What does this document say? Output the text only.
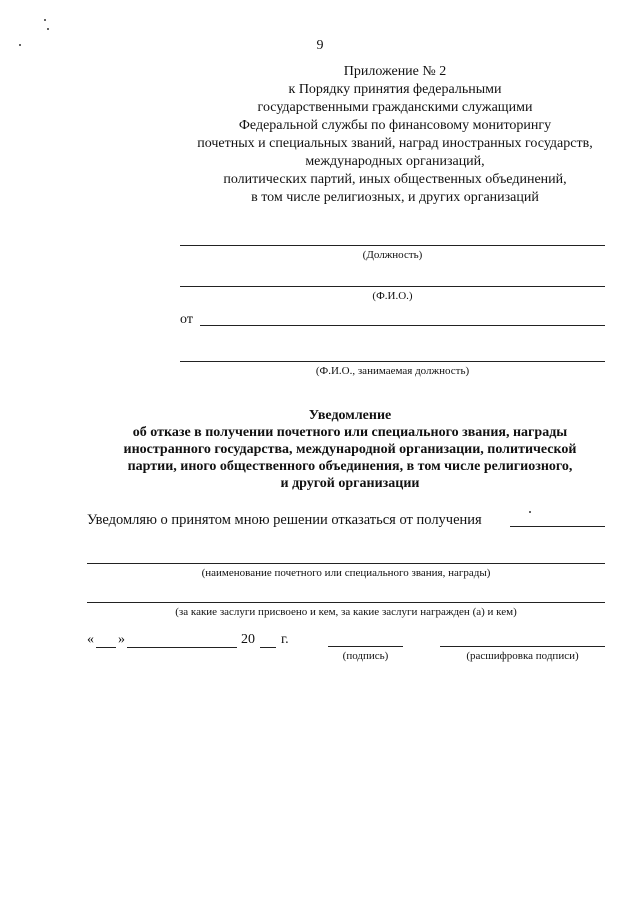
9
Приложение № 2
к Порядку принятия федеральными
государственными гражданскими служащими
Федеральной службы по финансовому мониторингу
почетных и специальных званий, наград иностранных государств,
международных организаций,
политических партий, иных общественных объединений,
в том числе религиозных, и других организаций
(Должность)
(Ф.И.О.)
от
(Ф.И.О., занимаемая должность)
Уведомление
об отказе в получении почетного или специального звания, награды
иностранного государства, международной организации, политической
партии, иного общественного объединения, в том числе религиозного,
и другой организации
Уведомляю о принятом мною решении отказаться от получения
(наименование почетного или специального звания, награды)
(за какие заслуги присвоено и кем, за какие заслуги награжден (а) и кем)
« »	20 г.
(подпись)	(расшифровка подписи)
